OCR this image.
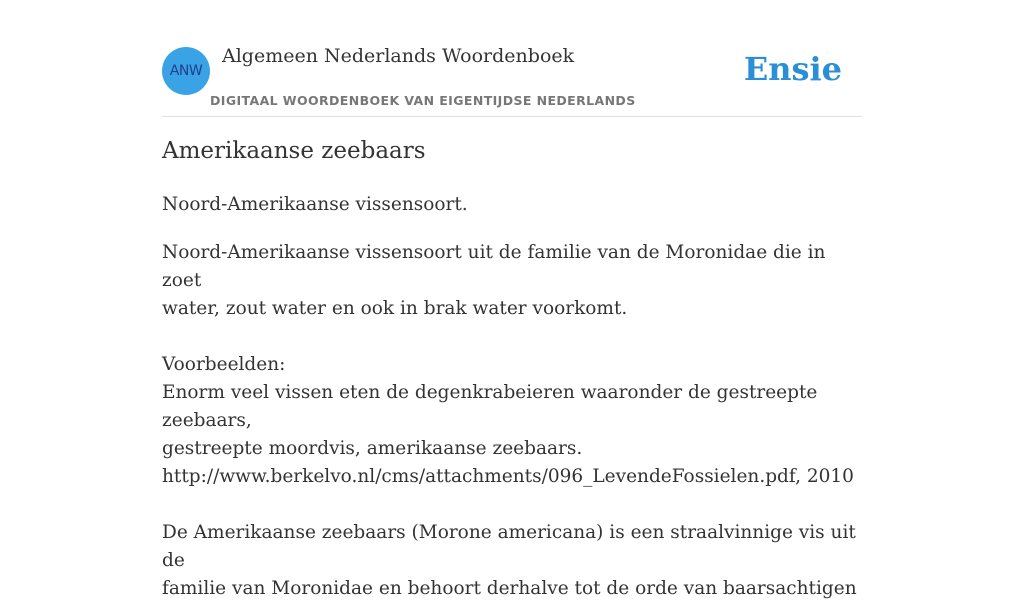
ANW
Algemeen Nederlands Woordenboek
DIGITAAL WOORDENBOEK VAN EIGENTIJDSE NEDERLANDS
Ensie
Amerikaanse zeebaars
Noord-Amerikaanse vissensoort.

Noord-Amerikaanse vissensoort uit de familie van de Moronidae die in zoet
water, zout water en ook in brak water voorkomt.

Voorbeelden:
Enorm veel vissen eten de degenkrabeieren waaronder de gestreepte zeebaars,
gestreepte moordvis, amerikaanse zeebaars.
http://www.berkelvo.nl/cms/attachments/096_LevendeFossielen.pdf, 2010

De Amerikaanse zeebaars (Morone americana) is een straalvinnige vis uit de
familie van Moronidae en behoort derhalve tot de orde van baarsachtigen
